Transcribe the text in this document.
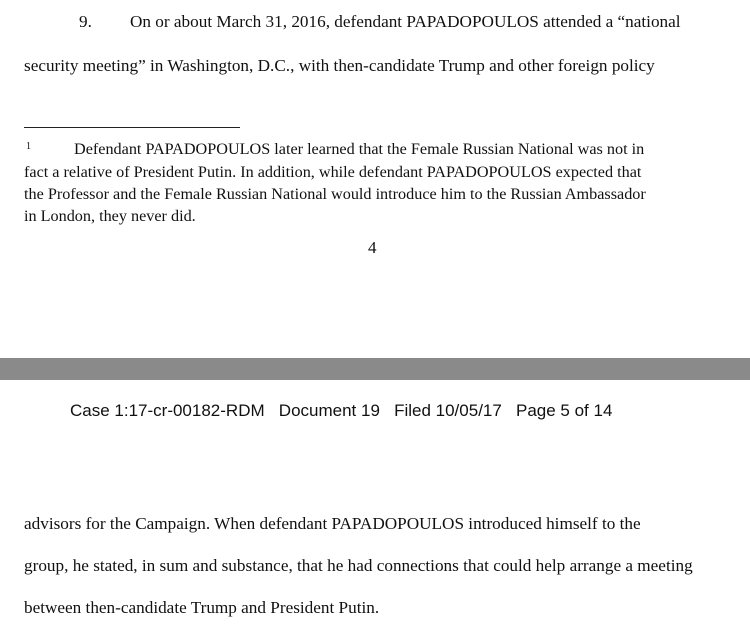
9. On or about March 31, 2016, defendant PAPADOPOULOS attended a “national
security meeting” in Washington, D.C., with then-candidate Trump and other foreign policy
1	Defendant PAPADOPOULOS later learned that the Female Russian National was not in
fact a relative of President Putin. In addition, while defendant PAPADOPOULOS expected that
the Professor and the Female Russian National would introduce him to the Russian Ambassador
in London, they never did.
4
Case 1:17-cr-00182-RDM   Document 19   Filed 10/05/17   Page 5 of 14
advisors for the Campaign. When defendant PAPADOPOULOS introduced himself to the
group, he stated, in sum and substance, that he had connections that could help arrange a meeting
between then-candidate Trump and President Putin.
